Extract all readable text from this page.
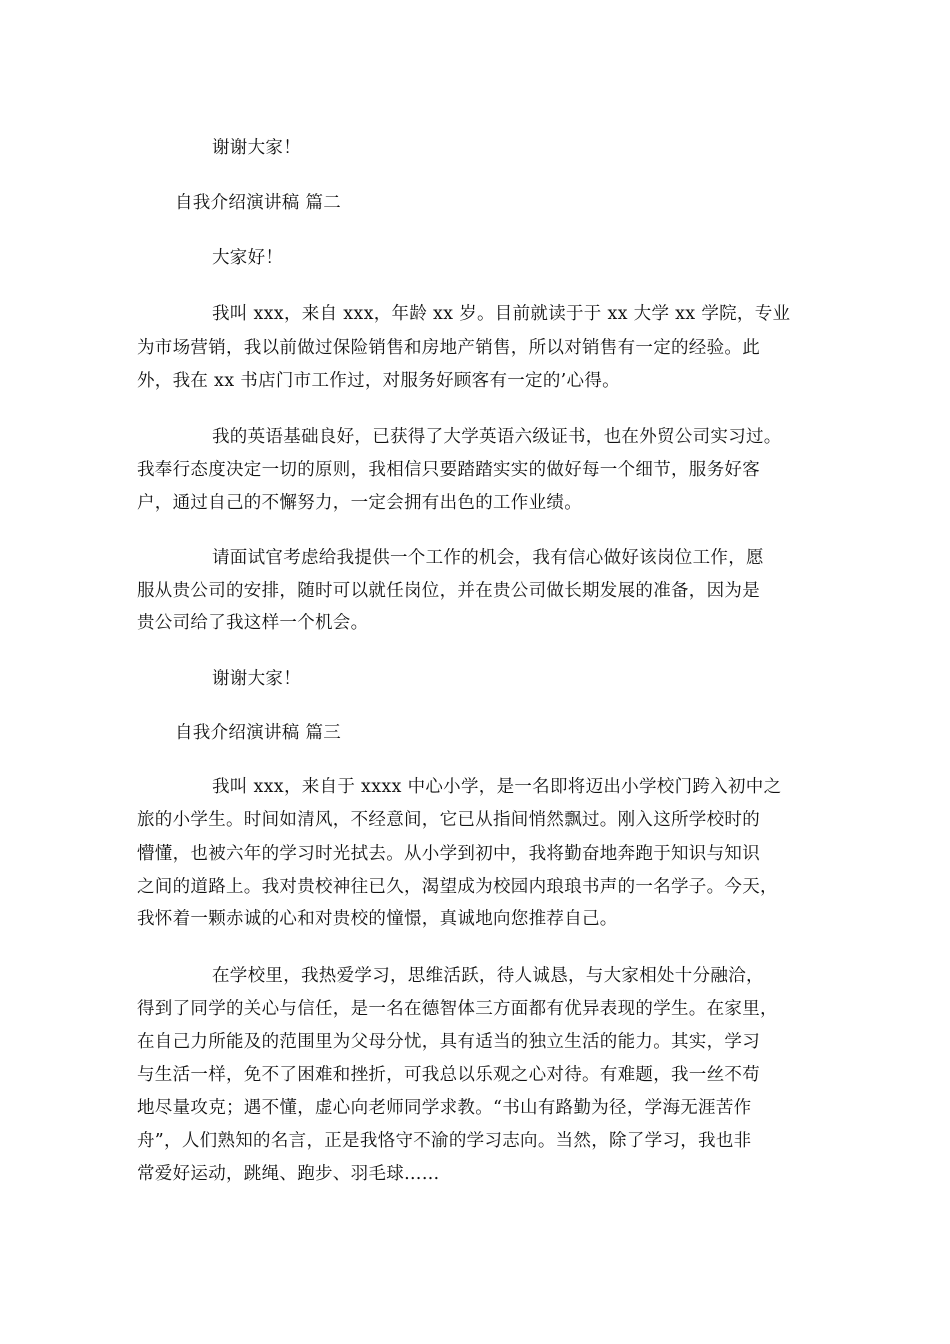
谢谢大家！

自我介绍演讲稿 篇二

大家好！

我叫 xxx，来自 xxx，年龄 xx 岁。目前就读于于 xx 大学 xx 学院，专业

为市场营销，我以前做过保险销售和房地产销售，所以对销售有一定的经验。此

外，我在 xx 书店门市工作过，对服务好顾客有一定的’心得。

我的英语基础良好，已获得了大学英语六级证书，也在外贸公司实习过。

我奉行态度决定一切的原则，我相信只要踏踏实实的做好每一个细节，服务好客

户，通过自己的不懈努力，一定会拥有出色的工作业绩。

请面试官考虑给我提供一个工作的机会，我有信心做好该岗位工作，愿

服从贵公司的安排，随时可以就任岗位，并在贵公司做长期发展的准备，因为是

贵公司给了我这样一个机会。

谢谢大家！

自我介绍演讲稿 篇三

我叫 xxx，来自于 xxxx 中心小学，是一名即将迈出小学校门跨入初中之

旅的小学生。时间如清风，不经意间，它已从指间悄然飘过。刚入这所学校时的

懵懂，也被六年的学习时光拭去。从小学到初中，我将勤奋地奔跑于知识与知识

之间的道路上。我对贵校神往已久，渴望成为校园内琅琅书声的一名学子。今天，

我怀着一颗赤诚的心和对贵校的憧憬，真诚地向您推荐自己。

在学校里，我热爱学习，思维活跃，待人诚恳，与大家相处十分融洽，

得到了同学的关心与信任，是一名在德智体三方面都有优异表现的学生。在家里，

在自己力所能及的范围里为父母分忧，具有适当的独立生活的能力。其实，学习

与生活一样，免不了困难和挫折，可我总以乐观之心对待。有难题，我一丝不苟

地尽量攻克；遇不懂，虚心向老师同学求教。“书山有路勤为径，学海无涯苦作

舟”，人们熟知的名言，正是我恪守不渝的学习志向。当然，除了学习，我也非

常爱好运动，跳绳、跑步、羽毛球……
